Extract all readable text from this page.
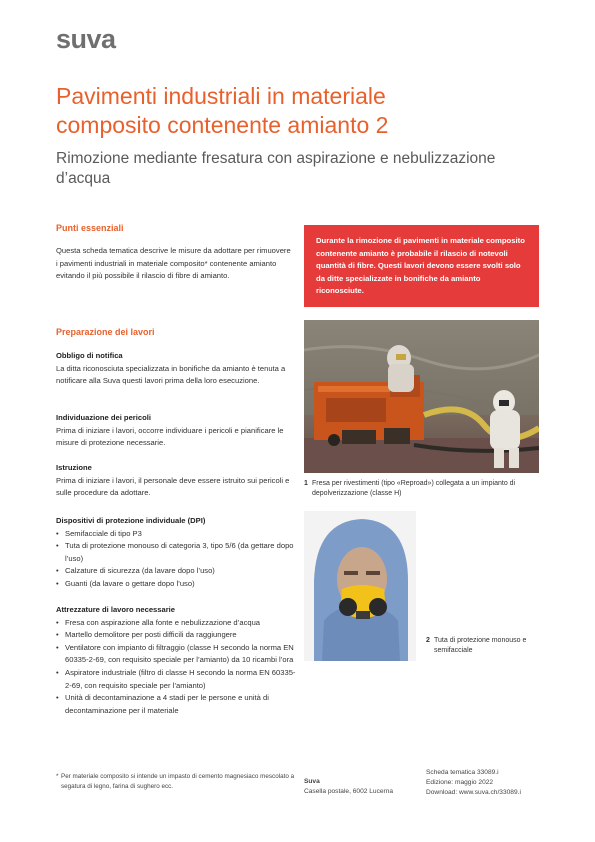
suva
Pavimenti industriali in materiale composito contenente amianto 2
Rimozione mediante fresatura con aspirazione e nebulizzazione d’acqua
Punti essenziali
Questa scheda tematica descrive le misure da adottare per rimuovere i pavimenti industriali in materiale composito* contenente amianto evitando il più possibile il rilascio di fibre di amianto.

Durante la rimozione di pavimenti in materiale composito contenente amianto è probabile il rilascio di notevoli quantità di fibre. Questi lavori devono essere svolti solo da ditte specializzate in bonifiche da amianto riconosciute.

Preparazione dei lavori

Obbligo di notifica

La ditta riconosciuta specializzata in bonifiche da amianto è tenuta a notificare alla Suva questi lavori prima della loro esecuzione.

Individuazione dei pericoli

Prima di iniziare i lavori, occorre individuare i pericoli e pianificare le misure di protezione necessarie.

Istruzione

Prima di iniziare i lavori, il personale deve essere istruito sui pericoli e sulle procedure da adottare.

Dispositivi di protezione individuale (DPI)

• Semifacciale di tipo P3
• Tuta di protezione monouso di categoria 3, tipo 5/6 (da gettare dopo l’uso)
• Calzature di sicurezza (da lavare dopo l’uso)
• Guanti (da lavare o gettare dopo l’uso)

Attrezzature di lavoro necessarie

• Fresa con aspirazione alla fonte e nebulizzazione d’acqua
• Martello demolitore per posti difficili da raggiungere
• Ventilatore con impianto di filtraggio (classe H secondo la norma EN 60335-2-69, con requisito speciale per l’amianto) da 10 ricambi l’ora
• Aspiratore industriale (filtro di classe H secondo la norma EN 60335-2-69, con requisito speciale per l’amianto)
• Unità di decontaminazione a 4 stadi per le persone e unità di decontaminazione per il materiale
1 Fresa per rivestimenti (tipo «Reproad») collegata a un impianto di depolverizzazione (classe H)
2 Tuta di protezione monouso e semifacciale
* Per materiale composito si intende un impasto di cemento magnesiaco mescolato a segatura di legno, farina di sughero ecc.
Suva
Casella postale, 6002 Lucerna
Scheda tematica 33089.i
Edizione: maggio 2022
Download: www.suva.ch/33089.i
